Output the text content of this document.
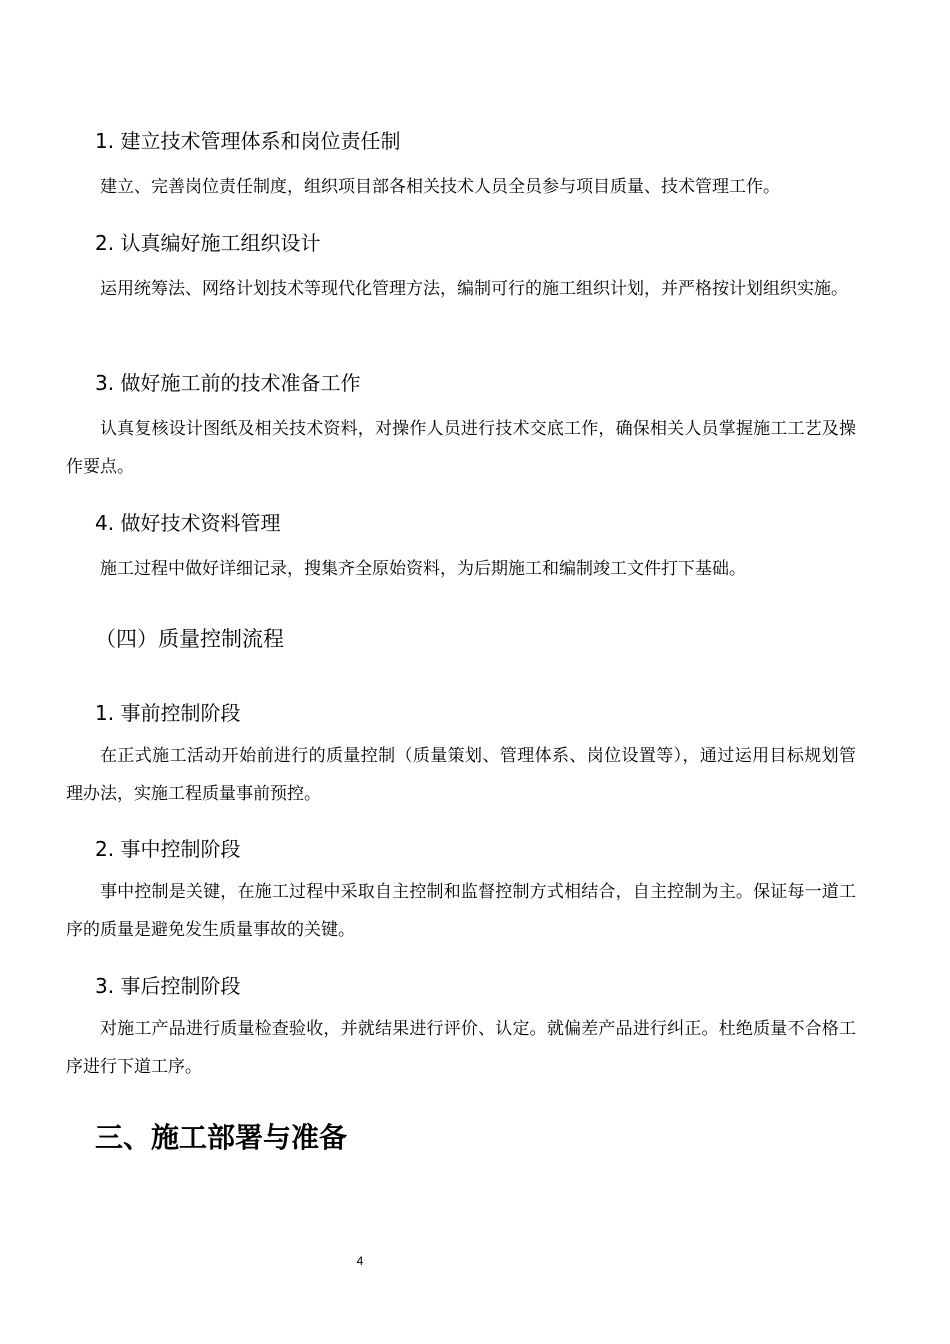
1. 建立技术管理体系和岗位责任制
建立、完善岗位责任制度，组织项目部各相关技术人员全员参与项目质量、技术管理工作。
2. 认真编好施工组织设计
运用统筹法、网络计划技术等现代化管理方法，编制可行的施工组织计划，并严格按计划组织实施。
3. 做好施工前的技术准备工作
认真复核设计图纸及相关技术资料，对操作人员进行技术交底工作，确保相关人员掌握施工工艺及操作要点。
4. 做好技术资料管理
施工过程中做好详细记录，搜集齐全原始资料，为后期施工和编制竣工文件打下基础。
（四）质量控制流程
1. 事前控制阶段
在正式施工活动开始前进行的质量控制（质量策划、管理体系、岗位设置等），通过运用目标规划管理办法，实施工程质量事前预控。
2. 事中控制阶段
事中控制是关键，在施工过程中采取自主控制和监督控制方式相结合，自主控制为主。保证每一道工序的质量是避免发生质量事故的关键。
3. 事后控制阶段
对施工产品进行质量检查验收，并就结果进行评价、认定。就偏差产品进行纠正。杜绝质量不合格工序进行下道工序。
三、施工部署与准备
4
